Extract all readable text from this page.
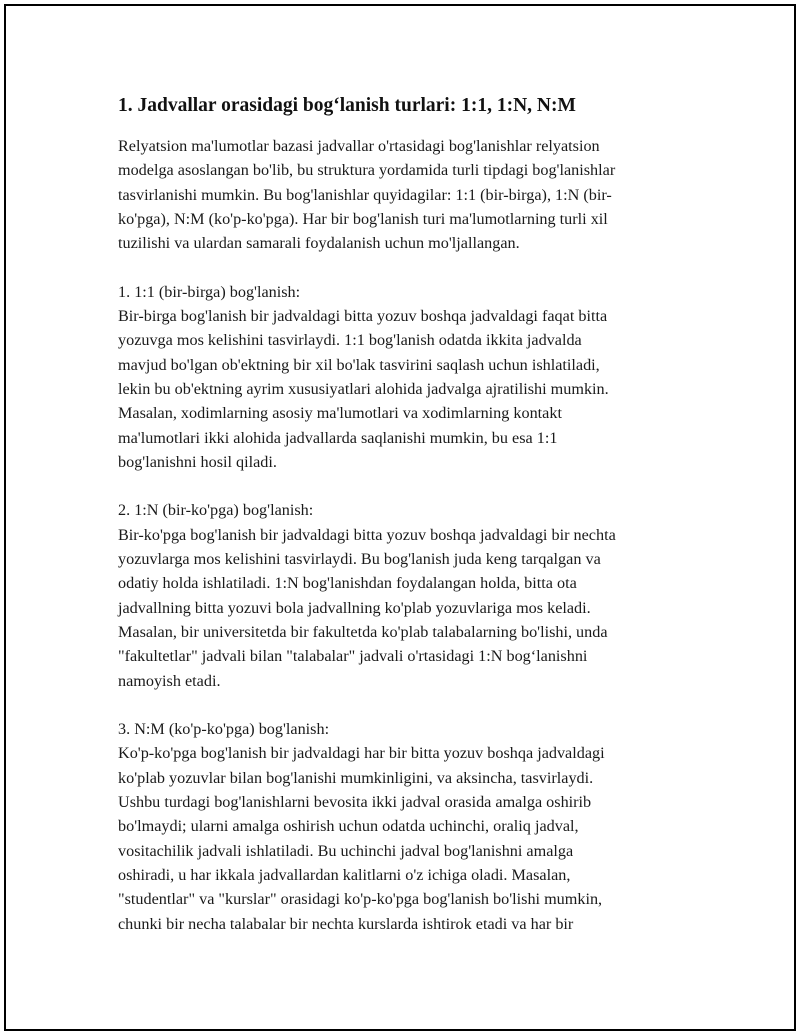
1. Jadvallar orasidagi bog‘lanish turlari: 1:1, 1:N, N:M
Relyatsion ma'lumotlar bazasi jadvallar o'rtasidagi bog'lanishlar relyatsion
modelga asoslangan bo'lib, bu struktura yordamida turli tipdagi bog'lanishlar
tasvirlanishi mumkin. Bu bog'lanishlar quyidagilar: 1:1 (bir-birga), 1:N (bir-
ko'pga), N:M (ko'p-ko'pga). Har bir bog'lanish turi ma'lumotlarning turli xil
tuzilishi va ulardan samarali foydalanish uchun mo'ljallangan.
1. 1:1 (bir-birga) bog'lanish:
Bir-birga bog'lanish bir jadvaldagi bitta yozuv boshqa jadvaldagi faqat bitta
yozuvga mos kelishini tasvirlaydi. 1:1 bog'lanish odatda ikkita jadvalda
mavjud bo'lgan ob'ektning bir xil bo'lak tasvirini saqlash uchun ishlatiladi,
lekin bu ob'ektning ayrim xususiyatlari alohida jadvalga ajratilishi mumkin.
Masalan, xodimlarning asosiy ma'lumotlari va xodimlarning kontakt
ma'lumotlari ikki alohida jadvallarda saqlanishi mumkin, bu esa 1:1
bog'lanishni hosil qiladi.
2. 1:N (bir-ko'pga) bog'lanish:
Bir-ko'pga bog'lanish bir jadvaldagi bitta yozuv boshqa jadvaldagi bir nechta
yozuvlarga mos kelishini tasvirlaydi. Bu bog'lanish juda keng tarqalgan va
odatiy holda ishlatiladi. 1:N bog'lanishdan foydalangan holda, bitta ota
jadvallning bitta yozuvi bola jadvallning ko'plab yozuvlariga mos keladi.
Masalan, bir universitetda bir fakultetda ko'plab talabalarning bo'lishi, unda
"fakultetlar" jadvali bilan "talabalar" jadvali o'rtasidagi 1:N bog‘lanishni
namoyish etadi.
3. N:M (ko'p-ko'pga) bog'lanish:
Ko'p-ko'pga bog'lanish bir jadvaldagi har bir bitta yozuv boshqa jadvaldagi
ko'plab yozuvlar bilan bog'lanishi mumkinligini, va aksincha, tasvirlaydi.
Ushbu turdagi bog'lanishlarni bevosita ikki jadval orasida amalga oshirib
bo'lmaydi; ularni amalga oshirish uchun odatda uchinchi, oraliq jadval,
vositachilik jadvali ishlatiladi. Bu uchinchi jadval bog'lanishni amalga
oshiradi, u har ikkala jadvallardan kalitlarni o'z ichiga oladi. Masalan,
"studentlar" va "kurslar" orasidagi ko'p-ko'pga bog'lanish bo'lishi mumkin,
chunki bir necha talabalar bir nechta kurslarda ishtirok etadi va har bir
